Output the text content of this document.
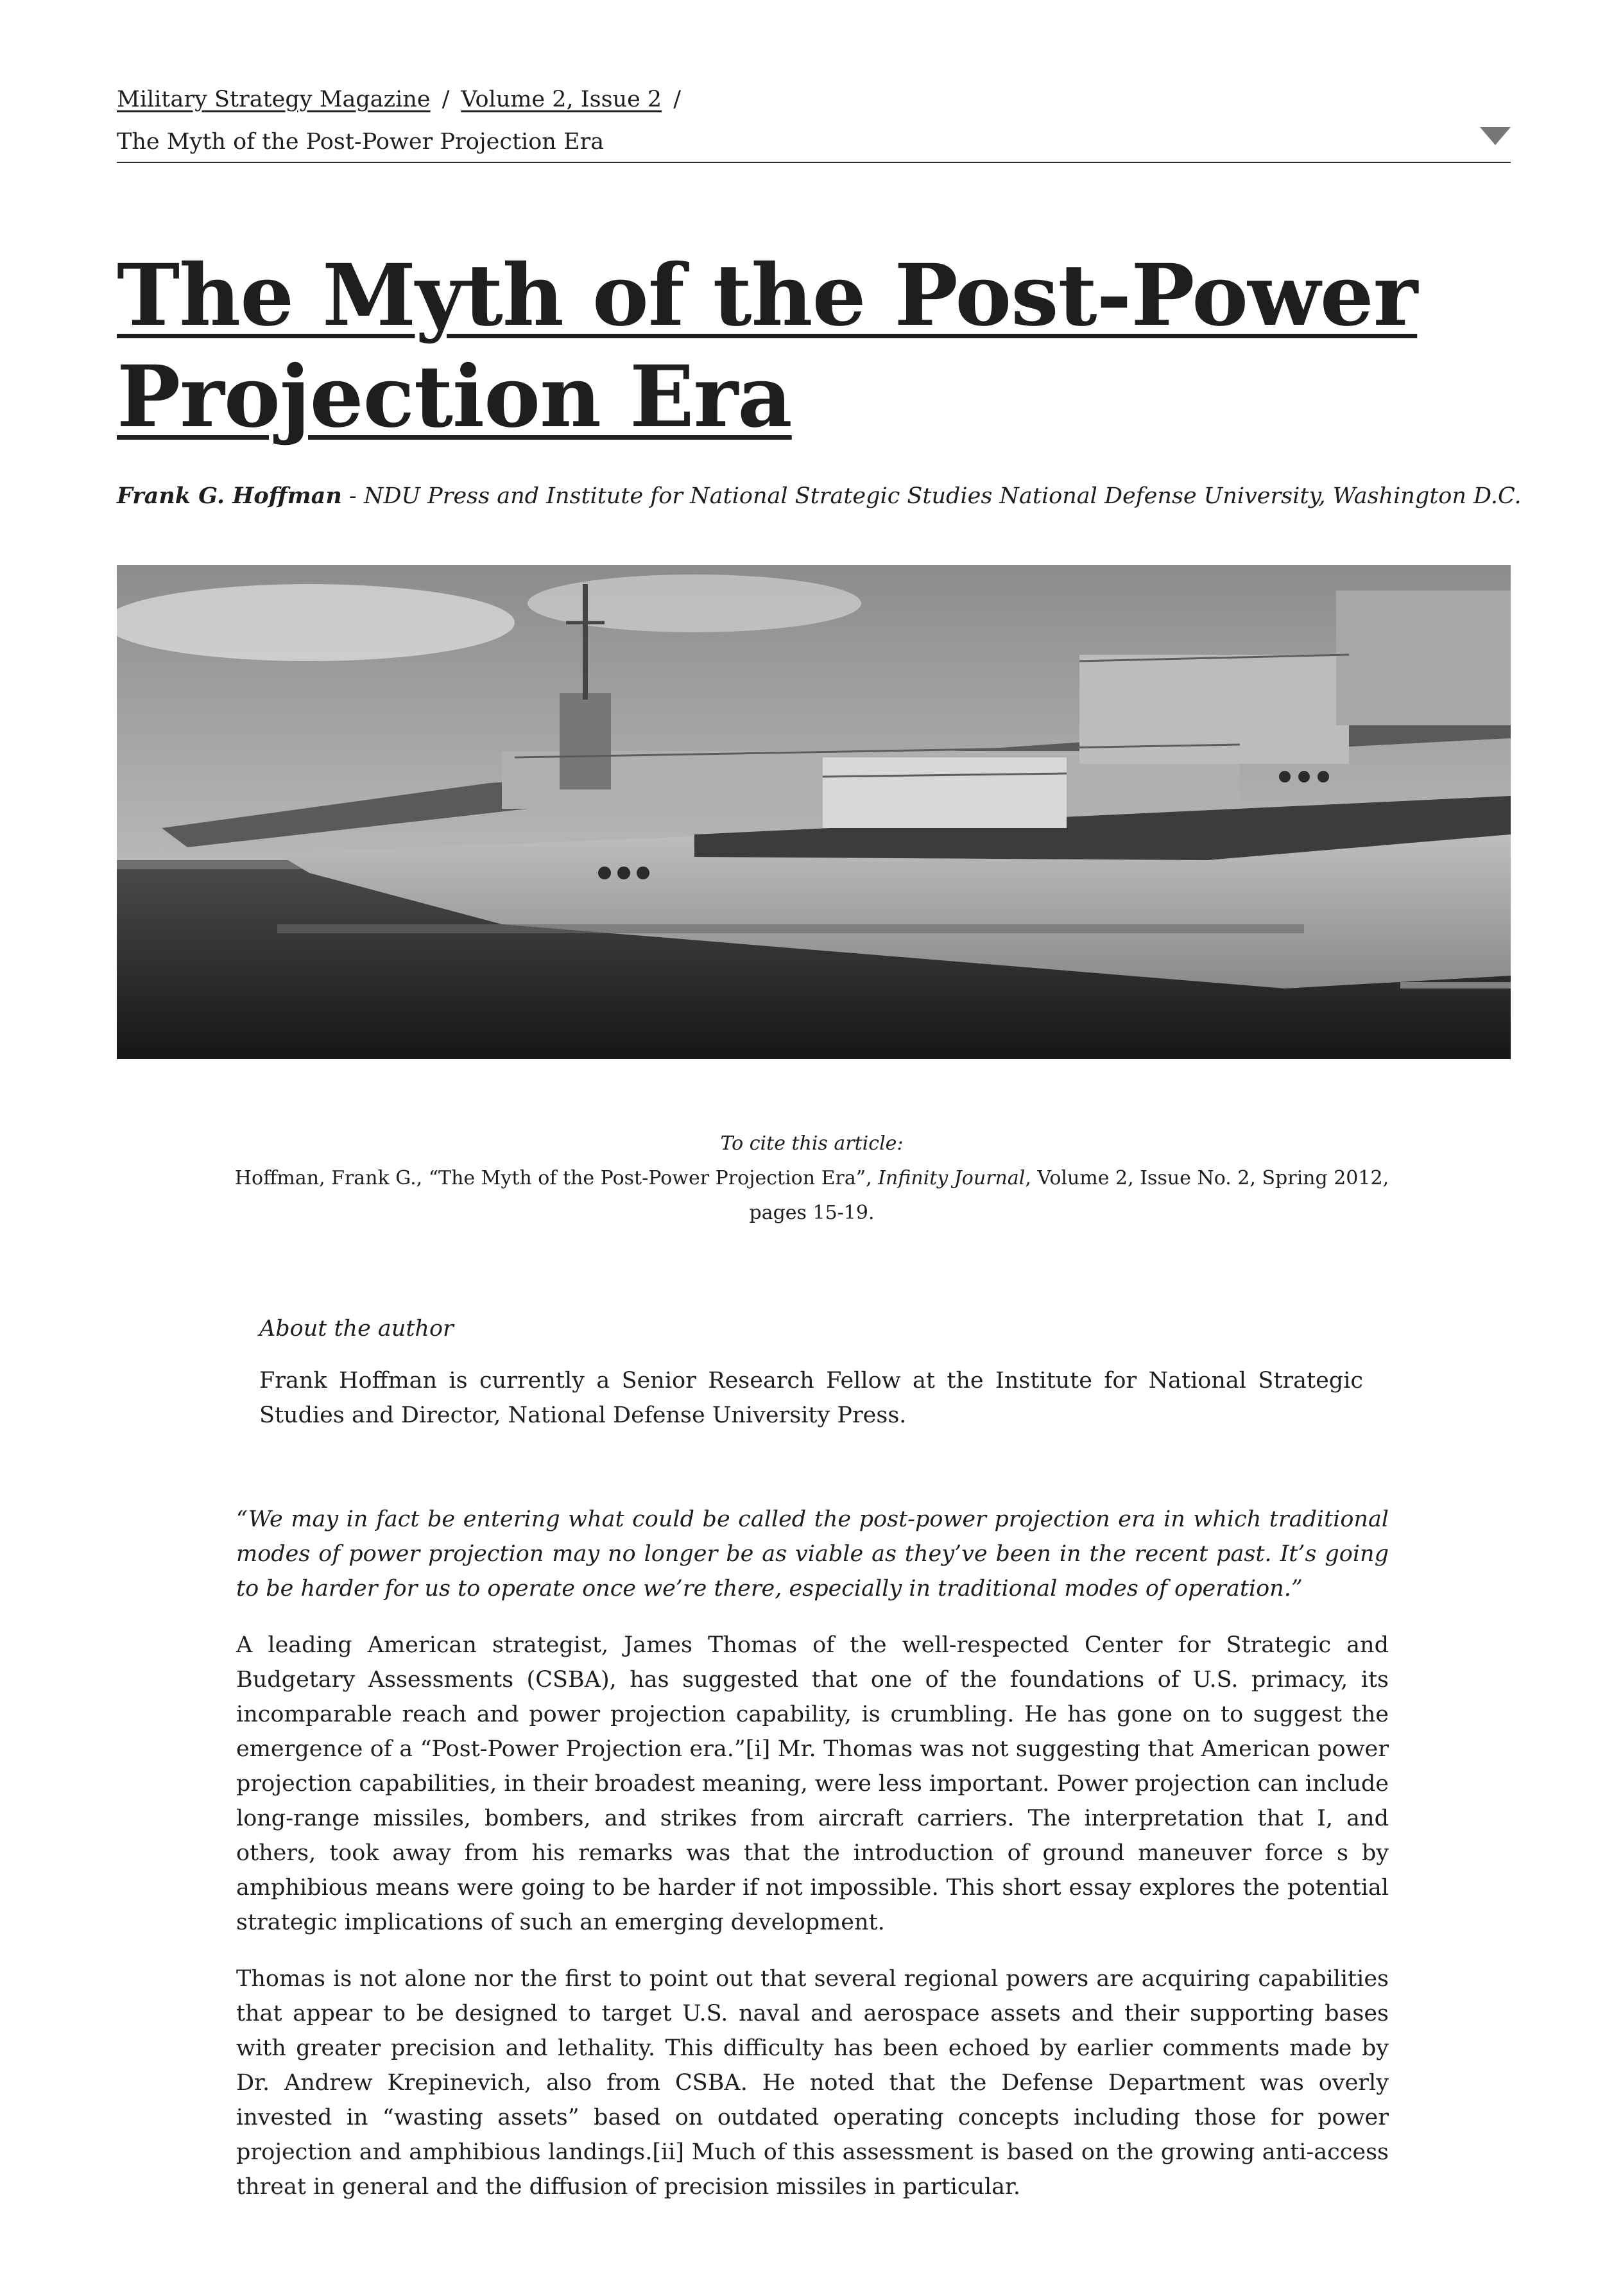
Military Strategy Magazine / Volume 2, Issue 2 /
The Myth of the Post-Power Projection Era
The Myth of the Post-Power
Projection Era
Frank G. Hoffman - NDU Press and Institute for National Strategic Studies National Defense University, Washington D.C.
To cite this article:
Hoffman, Frank G., “The Myth of the Post-Power Projection Era”, Infinity Journal, Volume 2, Issue No. 2, Spring 2012, pages 15-19.

About the author

Frank Hoffman is currently a Senior Research Fellow at the Institute for National Strategic Studies and Director, National Defense University Press.

“We may in fact be entering what could be called the post-power projection era in which traditional modes of power projection may no longer be as viable as they’ve been in the recent past. It’s going to be harder for us to operate once we’re there, especially in traditional modes of operation.”

A leading American strategist, James Thomas of the well-respected Center for Strategic and Budgetary Assessments (CSBA), has suggested that one of the foundations of U.S. primacy, its incomparable reach and power projection capability, is crumbling. He has gone on to suggest the emergence of a “Post-Power Projection era.”[i] Mr. Thomas was not suggesting that American power projection capabilities, in their broadest meaning, were less important. Power projection can include long-range missiles, bombers, and strikes from aircraft carriers. The interpretation that I, and others, took away from his remarks was that the introduction of ground maneuver force s by amphibious means were going to be harder if not impossible. This short essay explores the potential strategic implications of such an emerging development.

Thomas is not alone nor the first to point out that several regional powers are acquiring capabilities that appear to be designed to target U.S. naval and aerospace assets and their supporting bases with greater precision and lethality. This difficulty has been echoed by earlier comments made by Dr. Andrew Krepinevich, also from CSBA. He noted that the Defense Department was overly invested in “wasting assets” based on outdated operating concepts including those for power projection and amphibious landings.[ii] Much of this assessment is based on the growing anti-access threat in general and the diffusion of precision missiles in particular.
